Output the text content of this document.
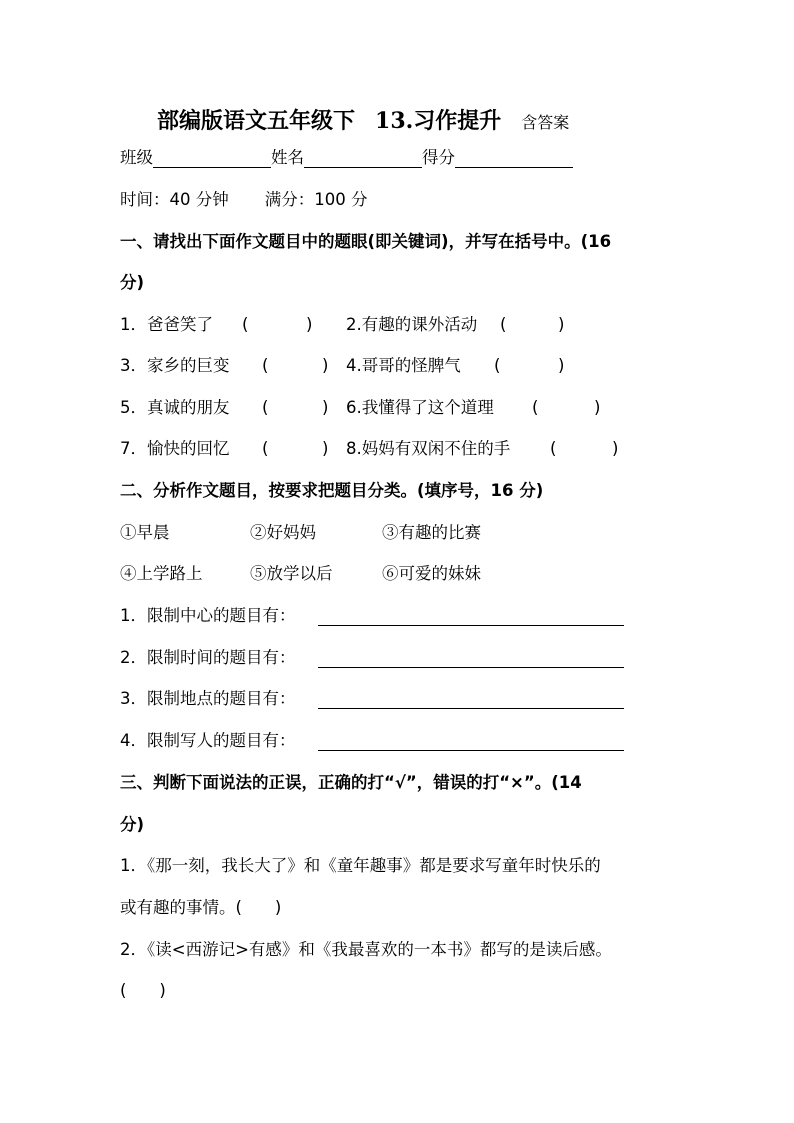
部编版语文五年级下 13.习作提升 含答案
班级	姓名	得分
时间：40 分钟 满分：100 分
一、请找出下面作文题目中的题眼(即关键词)，并写在括号中。(16
分)
1．爸爸笑了 (	) 2.有趣的课外活动 (	)
3．家乡的巨变 (	) 4.哥哥的怪脾气 (	)
5．真诚的朋友 (	) 6.我懂得了这个道理 (	)
7．愉快的回忆 (	) 8.妈妈有双闲不住的手 (	)
二、分析作文题目，按要求把题目分类。(填序号，16 分)
①早晨	②好妈妈	③有趣的比赛
④上学路上	⑤放学以后	⑥可爱的妹妹
1．限制中心的题目有：
2．限制时间的题目有：
3．限制地点的题目有：
4．限制写人的题目有：
三、判断下面说法的正误，正确的打“√”，错误的打“×”。(14
分)
1．《那一刻，我长大了》和《童年趣事》都是要求写童年时快乐的
或有趣的事情。(　　)
2．《读<西游记>有感》和《我最喜欢的一本书》都写的是读后感。
(　　)
